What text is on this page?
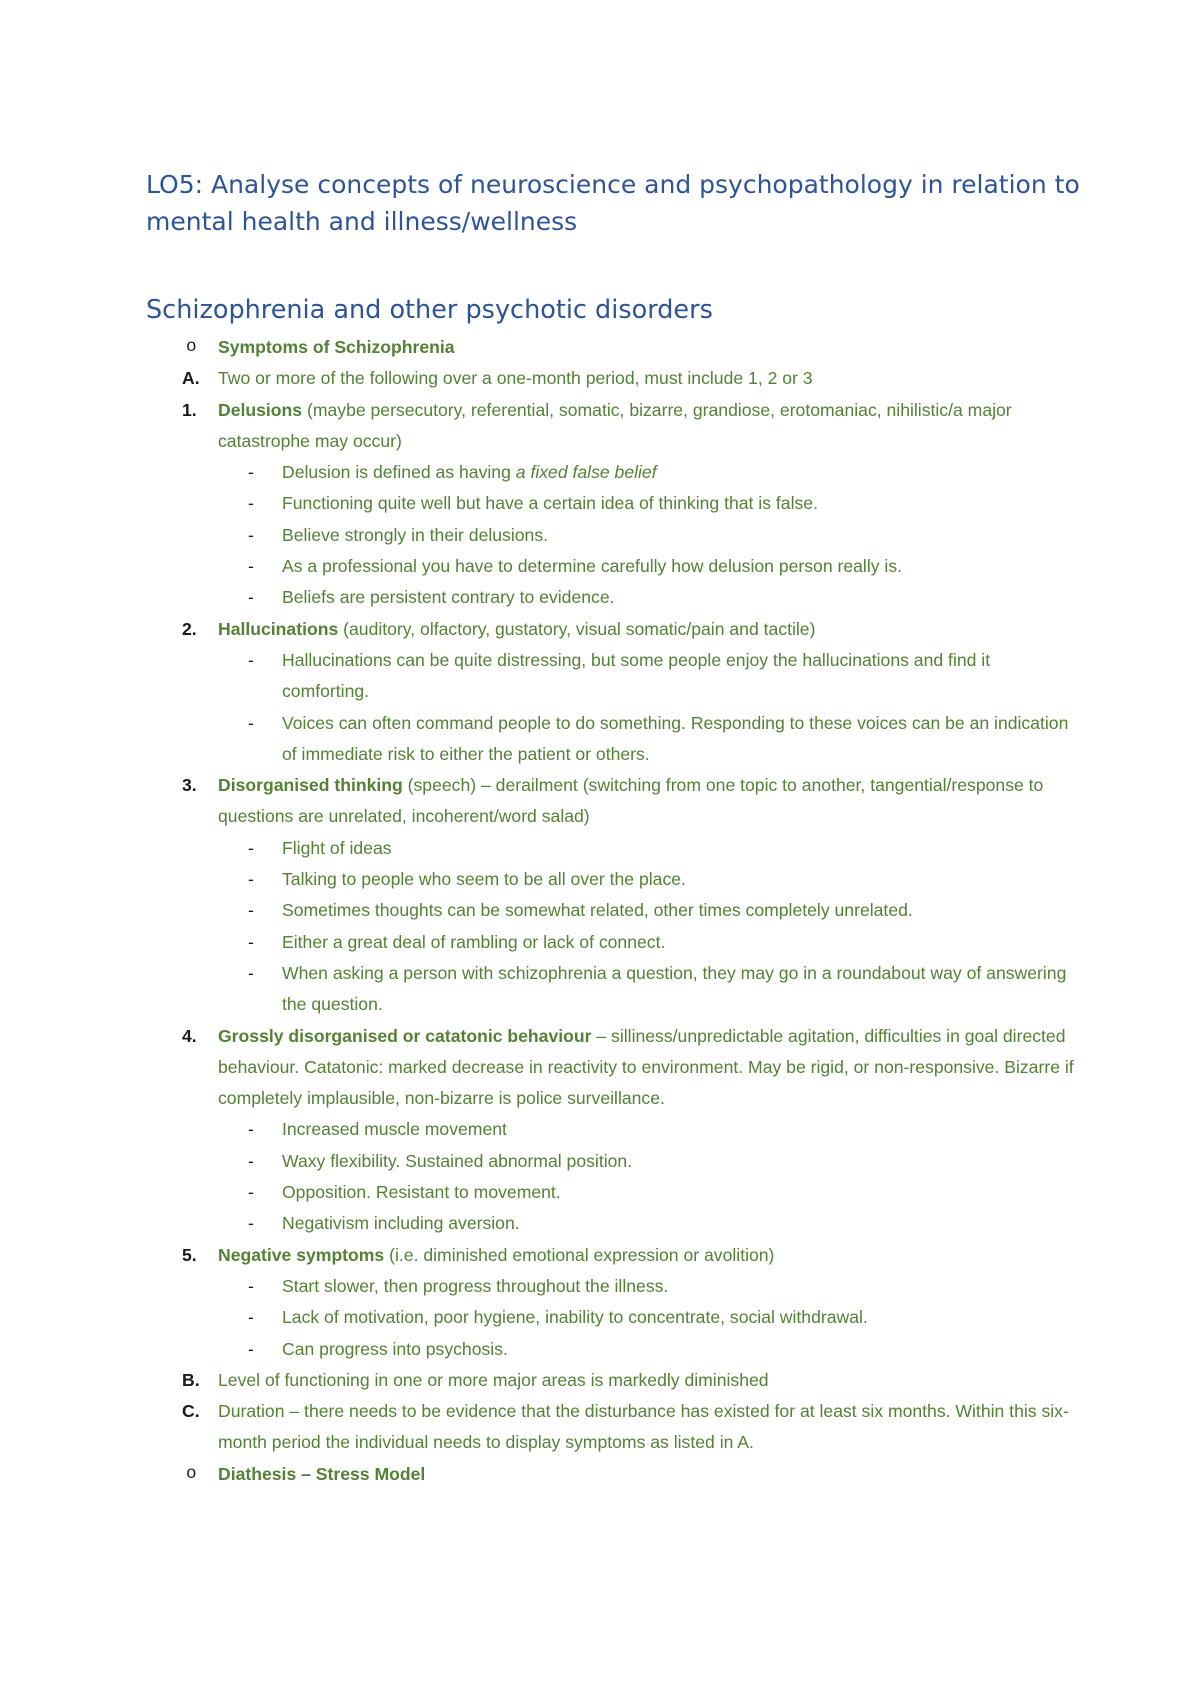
LO5: Analyse concepts of neuroscience and psychopathology in relation to mental health and illness/wellness
Schizophrenia and other psychotic disorders
o Symptoms of Schizophrenia
A. Two or more of the following over a one-month period, must include 1, 2 or 3
1. Delusions (maybe persecutory, referential, somatic, bizarre, grandiose, erotomaniac, nihilistic/a major catastrophe may occur)
- Delusion is defined as having a fixed false belief
- Functioning quite well but have a certain idea of thinking that is false.
- Believe strongly in their delusions.
- As a professional you have to determine carefully how delusion person really is.
- Beliefs are persistent contrary to evidence.
2. Hallucinations (auditory, olfactory, gustatory, visual somatic/pain and tactile)
- Hallucinations can be quite distressing, but some people enjoy the hallucinations and find it comforting.
- Voices can often command people to do something. Responding to these voices can be an indication of immediate risk to either the patient or others.
3. Disorganised thinking (speech) – derailment (switching from one topic to another, tangential/response to questions are unrelated, incoherent/word salad)
- Flight of ideas
- Talking to people who seem to be all over the place.
- Sometimes thoughts can be somewhat related, other times completely unrelated.
- Either a great deal of rambling or lack of connect.
- When asking a person with schizophrenia a question, they may go in a roundabout way of answering the question.
4. Grossly disorganised or catatonic behaviour – silliness/unpredictable agitation, difficulties in goal directed behaviour. Catatonic: marked decrease in reactivity to environment. May be rigid, or non-responsive. Bizarre if completely implausible, non-bizarre is police surveillance.
- Increased muscle movement
- Waxy flexibility. Sustained abnormal position.
- Opposition. Resistant to movement.
- Negativism including aversion.
5. Negative symptoms (i.e. diminished emotional expression or avolition)
- Start slower, then progress throughout the illness.
- Lack of motivation, poor hygiene, inability to concentrate, social withdrawal.
- Can progress into psychosis.
B. Level of functioning in one or more major areas is markedly diminished
C. Duration – there needs to be evidence that the disturbance has existed for at least six months. Within this six-month period the individual needs to display symptoms as listed in A.
o Diathesis – Stress Model
